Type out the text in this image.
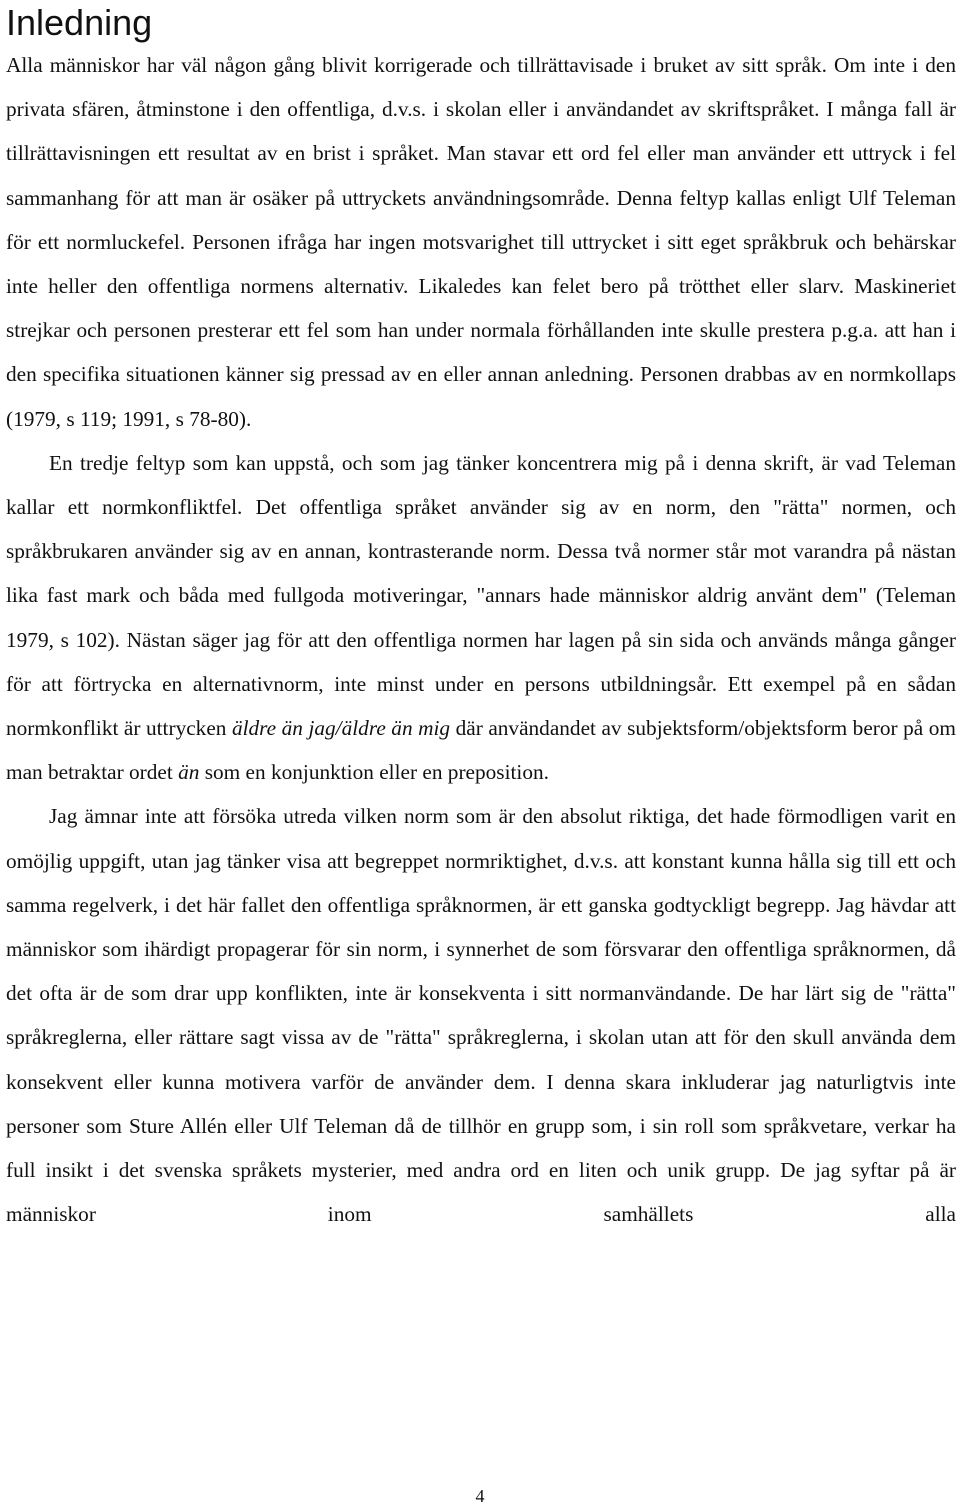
Inledning

Alla människor har väl någon gång blivit korrigerade och tillrättavisade i bruket av sitt språk. Om inte i den privata sfären, åtminstone i den offentliga, d.v.s. i skolan eller i användandet av skriftspråket. I många fall är tillrättavisningen ett resultat av en brist i språket. Man stavar ett ord fel eller man använder ett uttryck i fel sammanhang för att man är osäker på uttryckets användningsområde. Denna feltyp kallas enligt Ulf Teleman för ett normluckefel. Personen ifråga har ingen motsvarighet till uttrycket i sitt eget språkbruk och behärskar inte heller den offentliga normens alternativ. Likaledes kan felet bero på trötthet eller slarv. Maskineriet strejkar och personen presterar ett fel som han under normala förhållanden inte skulle prestera p.g.a. att han i den specifika situationen känner sig pressad av en eller annan anledning. Personen drabbas av en normkollaps (1979, s 119; 1991, s 78-80).

En tredje feltyp som kan uppstå, och som jag tänker koncentrera mig på i denna skrift, är vad Teleman kallar ett normkonfliktfel. Det offentliga språket använder sig av en norm, den "rätta" normen, och språkbrukaren använder sig av en annan, kontrasterande norm. Dessa två normer står mot varandra på nästan lika fast mark och båda med fullgoda motiveringar, "annars hade människor aldrig använt dem" (Teleman 1979, s 102). Nästan säger jag för att den offentliga normen har lagen på sin sida och används många gånger för att förtrycka en alternativnorm, inte minst under en persons utbildningsår. Ett exempel på en sådan normkonflikt är uttrycken äldre än jag/äldre än mig där användandet av subjektsform/objektsform beror på om man betraktar ordet än som en konjunktion eller en preposition.

Jag ämnar inte att försöka utreda vilken norm som är den absolut riktiga, det hade förmodligen varit en omöjlig uppgift, utan jag tänker visa att begreppet normriktighet, d.v.s. att konstant kunna hålla sig till ett och samma regelverk, i det här fallet den offentliga språknormen, är ett ganska godtyckligt begrepp. Jag hävdar att människor som ihärdigt propagerar för sin norm, i synnerhet de som försvarar den offentliga språknormen, då det ofta är de som drar upp konflikten, inte är konsekventa i sitt normanvändande. De har lärt sig de "rätta" språkreglerna, eller rättare sagt vissa av de "rätta" språkreglerna, i skolan utan att för den skull använda dem konsekvent eller kunna motivera varför de använder dem. I denna skara inkluderar jag naturligtvis inte personer som Sture Allén eller Ulf Teleman då de tillhör en grupp som, i sin roll som språkvetare, verkar ha full insikt i det svenska språkets mysterier, med andra ord en liten och unik grupp. De jag syftar på är människor inom samhällets alla

4
